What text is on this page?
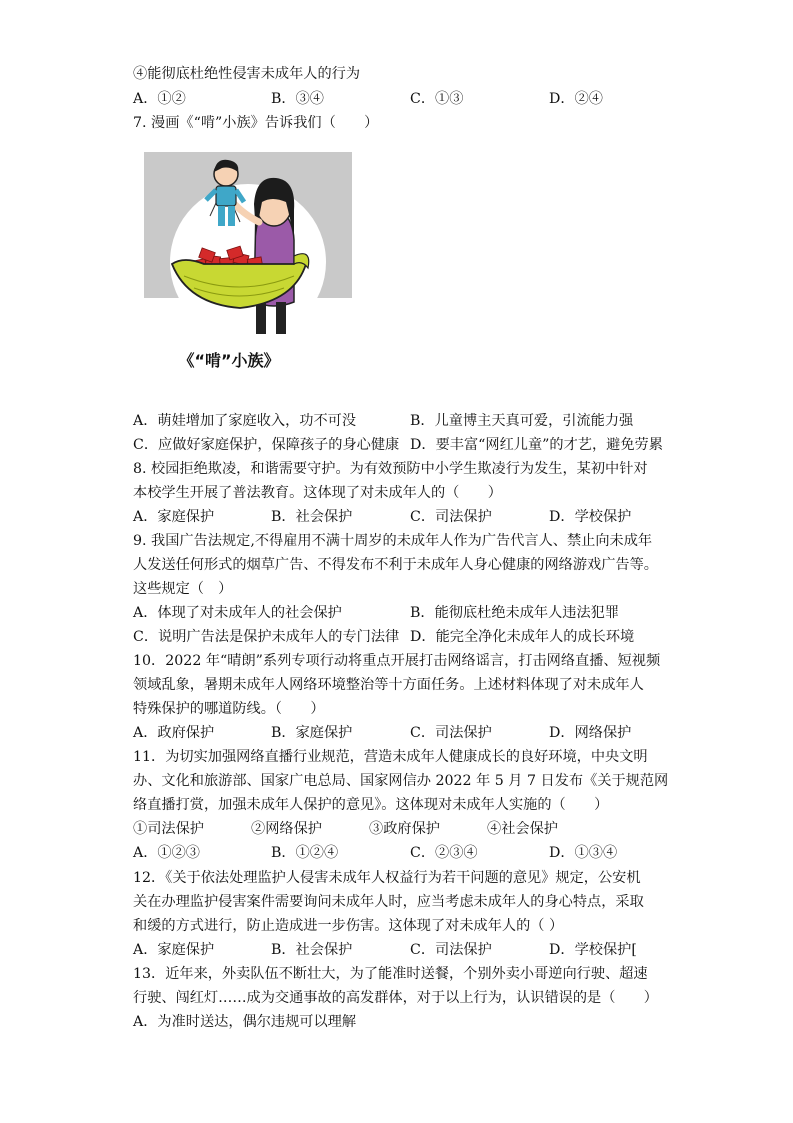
④能彻底杜绝性侵害未成年人的行为
A．①②	B．③④	C．①③	D．②④
7. 漫画《“啃”小族》告诉我们（　　）
《“啃”小族》
A．萌娃增加了家庭收入，功不可没	B．儿童博主天真可爱，引流能力强
C．应做好家庭保护，保障孩子的身心健康 D．要丰富“网红儿童”的才艺，避免劳累
8. 校园拒绝欺凌，和谐需要守护。为有效预防中小学生欺凌行为发生，某初中针对
本校学生开展了普法教育。这体现了对未成年人的（　　）
A．家庭保护	B．社会保护	C．司法保护	D．学校保护
9. 我国广告法规定,不得雇用不满十周岁的未成年人作为广告代言人、禁止向未成年
人发送任何形式的烟草广告、不得发布不利于未成年人身心健康的网络游戏广告等。
这些规定（　）
A．体现了对未成年人的社会保护	B．能彻底杜绝未成年人违法犯罪
C．说明广告法是保护未成年人的专门法律 D．能完全净化未成年人的成长环境
10．2022 年“晴朗”系列专项行动将重点开展打击网络谣言，打击网络直播、短视频
领域乱象，暑期未成年人网络环境整治等十方面任务。上述材料体现了对未成年人
特殊保护的哪道防线。（　　）
A．政府保护	B．家庭保护	C．司法保护	D．网络保护
11．为切实加强网络直播行业规范，营造未成年人健康成长的良好环境，中央文明
办、文化和旅游部、国家广电总局、国家网信办 2022 年 5 月 7 日发布《关于规范网
络直播打赏，加强未成年人保护的意见》。这体现对未成年人实施的（　　）
①司法保护	②网络保护	③政府保护	④社会保护
A．①②③	B．①②④	C．②③④	D．①③④
12．《关于依法处理监护人侵害未成年人权益行为若干问题的意见》规定，公安机
关在办理监护侵害案件需要询问未成年人时，应当考虑未成年人的身心特点，采取
和缓的方式进行，防止造成进一步伤害。这体现了对未成年人的（ ）
A．家庭保护	B．社会保护	C．司法保护	D．学校保护[
13．近年来，外卖队伍不断壮大，为了能准时送餐，个别外卖小哥逆向行驶、超速
行驶、闯红灯……成为交通事故的高发群体，对于以上行为，认识错误的是（　　）
A．为准时送达，偶尔违规可以理解
